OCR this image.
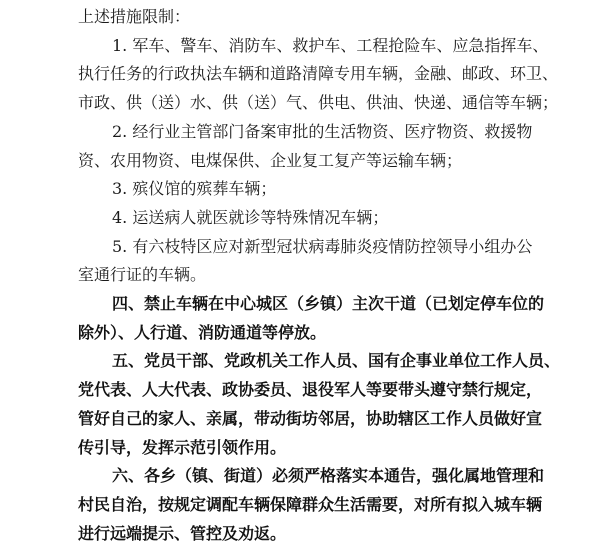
上述措施限制：
1. 军车、警车、消防车、救护车、工程抢险车、应急指挥车、
执行任务的行政执法车辆和道路清障专用车辆，金融、邮政、环卫、
市政、供（送）水、供（送）气、供电、供油、快递、通信等车辆；
2. 经行业主管部门备案审批的生活物资、医疗物资、救援物
资、农用物资、电煤保供、企业复工复产等运输车辆；
3. 殡仪馆的殡葬车辆；
4. 运送病人就医就诊等特殊情况车辆；
5. 有六枝特区应对新型冠状病毒肺炎疫情防控领导小组办公
室通行证的车辆。
四、禁止车辆在中心城区（乡镇）主次干道（已划定停车位的
除外）、人行道、消防通道等停放。
五、党员干部、党政机关工作人员、国有企事业单位工作人员、
党代表、人大代表、政协委员、退役军人等要带头遵守禁行规定，
管好自己的家人、亲属，带动街坊邻居，协助辖区工作人员做好宣
传引导，发挥示范引领作用。
六、各乡（镇、街道）必须严格落实本通告，强化属地管理和
村民自治，按规定调配车辆保障群众生活需要，对所有拟入城车辆
进行远端提示、管控及劝返。
